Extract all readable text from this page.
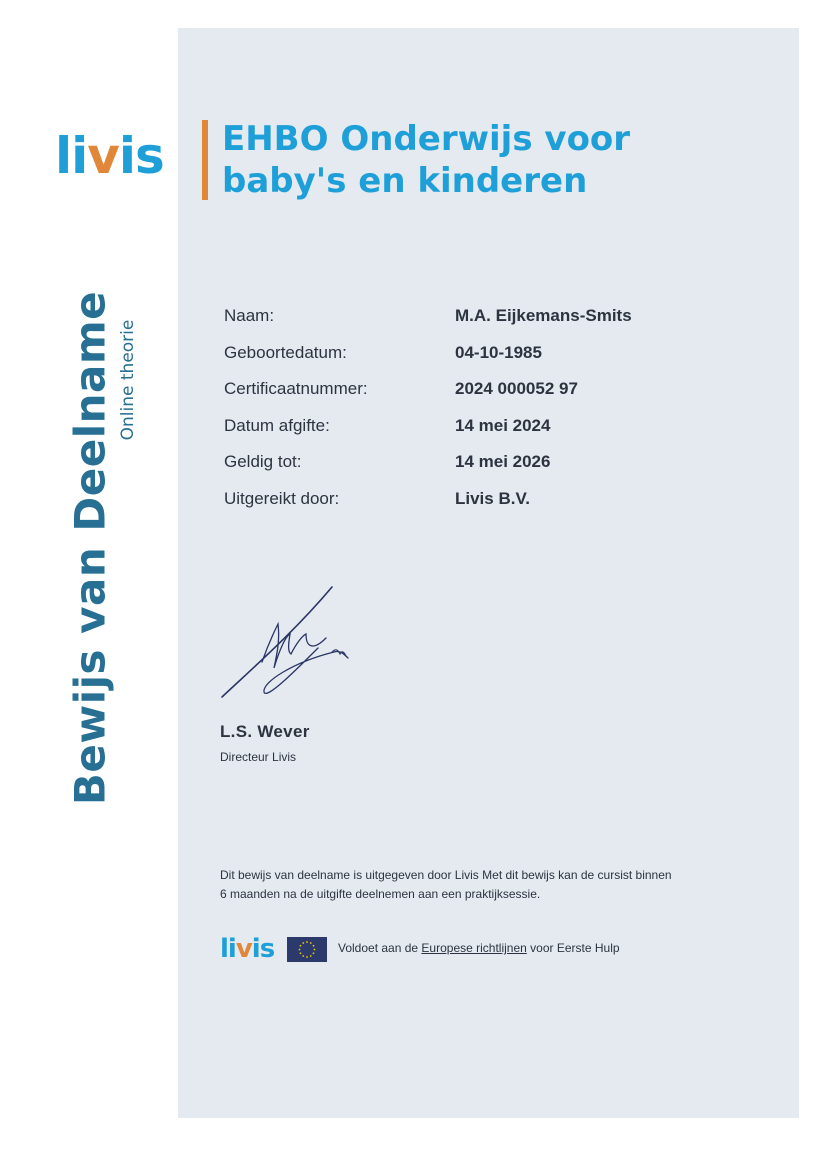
livis
Bewijs van Deelname Online theorie
EHBO Onderwijs voor
baby's en kinderen
Naam:	M.A. Eijkemans-Smits
Geboortedatum:	04-10-1985
Certificaatnummer:	2024 000052 97
Datum afgifte:	14 mei 2024
Geldig tot:	14 mei 2026
Uitgereikt door:	Livis B.V.
L.S. Wever
Directeur Livis
Dit bewijs van deelname is uitgegeven door Livis Met dit bewijs kan de cursist binnen
6 maanden na de uitgifte deelnemen aan een praktijksessie.
livis	Voldoet aan de Europese richtlijnen voor Eerste Hulp
